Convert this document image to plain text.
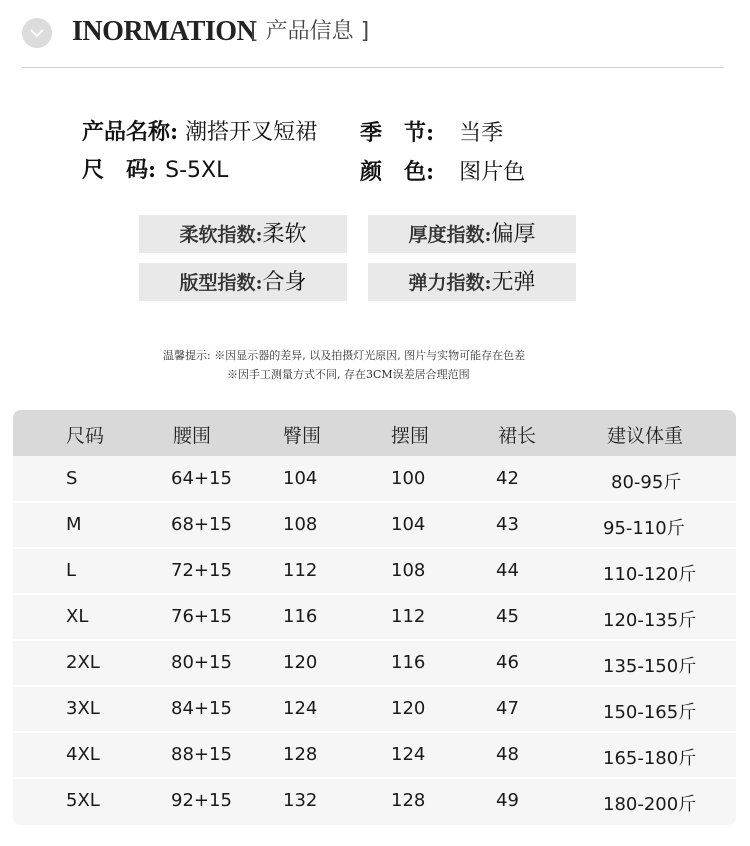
INORMATION
[ 产品信息 ]
产品名称: 潮搭开叉短裙
尺　码: S-5XL
季　节: 当季
颜　色: 图片色
柔软指数:柔软	厚度指数:偏厚
版型指数:合身	弹力指数:无弹
温馨提示: ※因显示器的差异, 以及拍摄灯光原因, 图片与实物可能存在色差
※因手工测量方式不同, 存在3CM误差居合理范围
尺码	腰围	臀围	摆围	裙长	建议体重
S	64+15	104	100	42	80-95斤
M	68+15	108	104	43	95-110斤
L	72+15	112	108	44	110-120斤
XL	76+15	116	112	45	120-135斤
2XL	80+15	120	116	46	135-150斤
3XL	84+15	124	120	47	150-165斤
4XL	88+15	128	124	48	165-180斤
5XL	92+15	132	128	49	180-200斤
